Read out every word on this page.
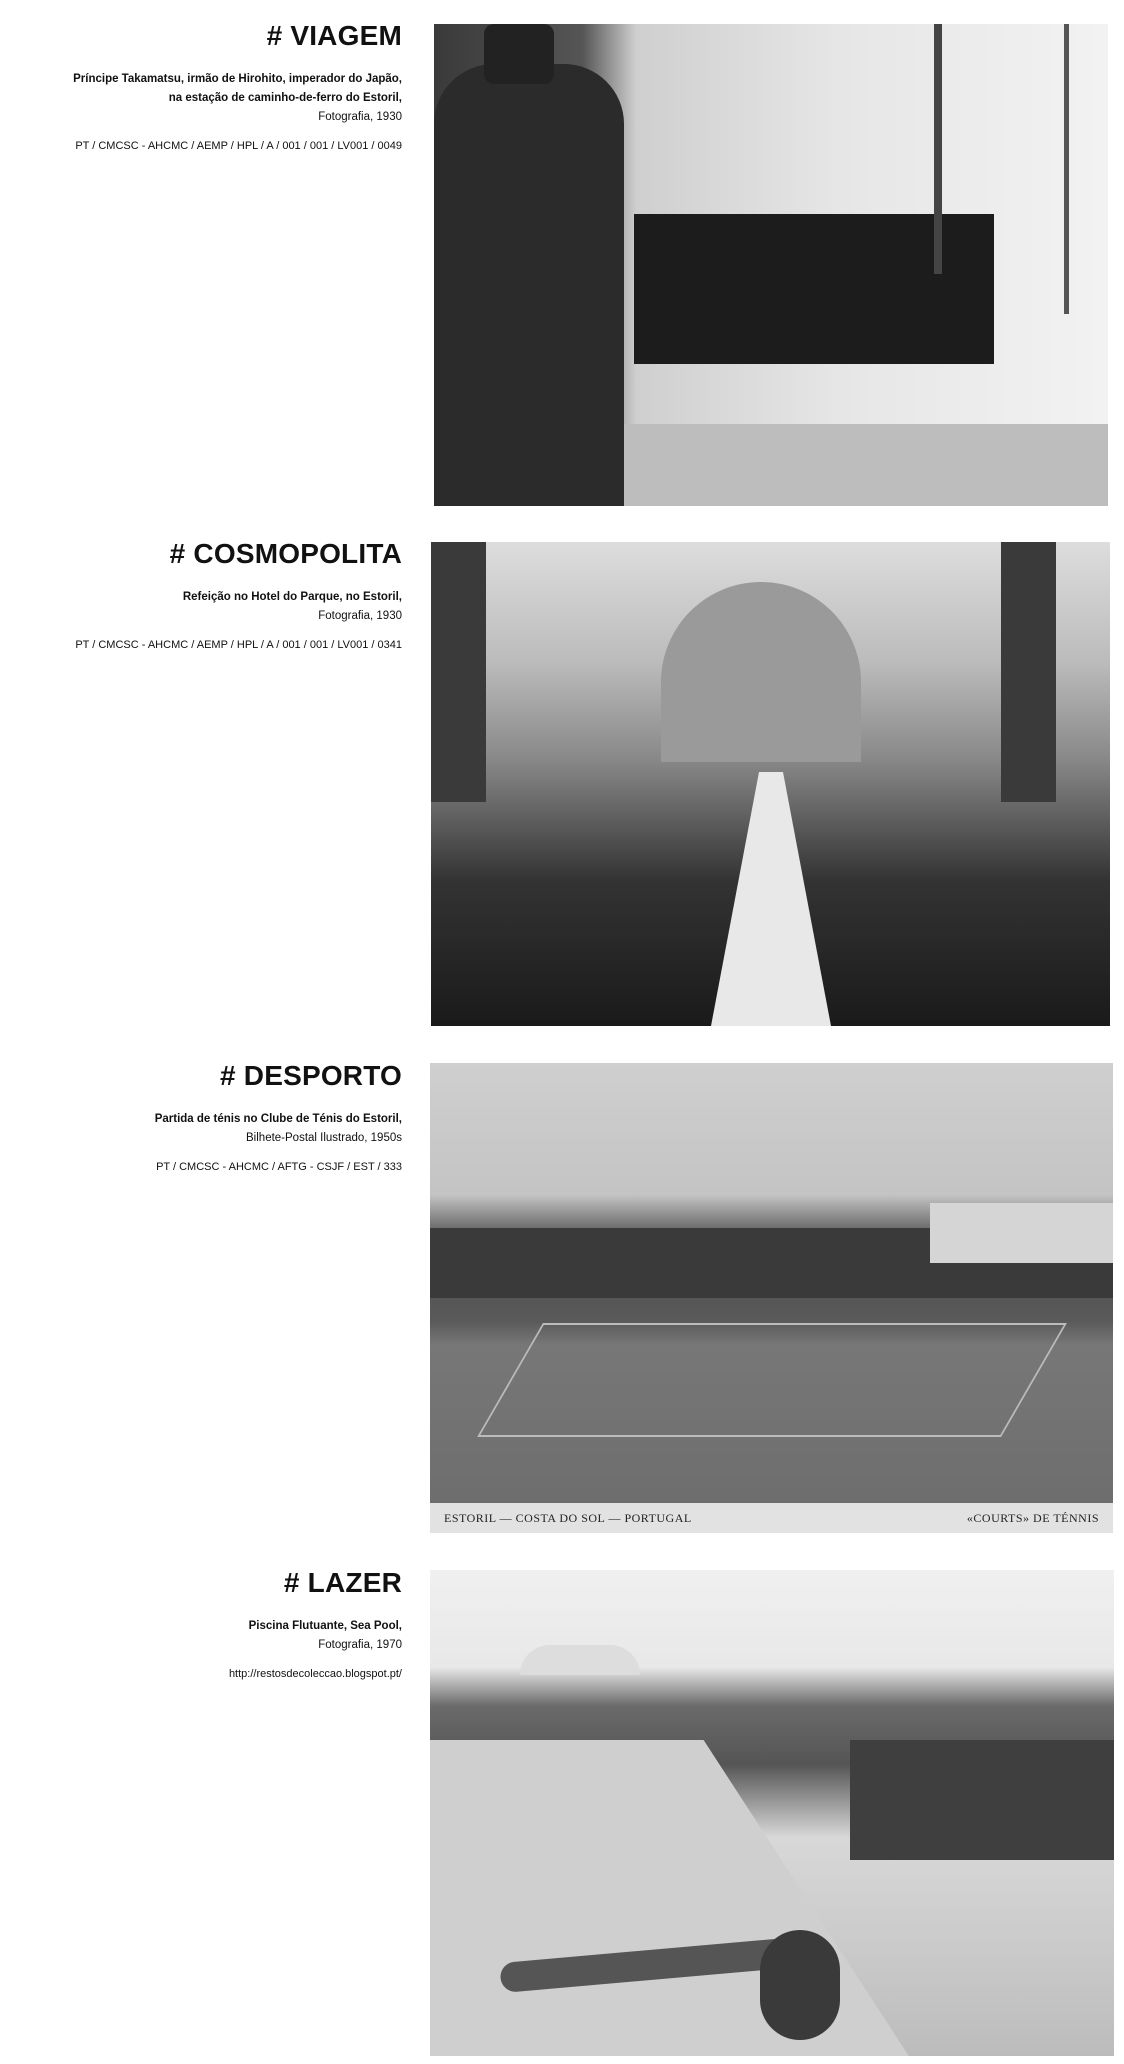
# VIAGEM
Príncipe Takamatsu, irmão de Hirohito, imperador do Japão, na estação de caminho-de-ferro do Estoril,
Fotografia, 1930
PT / CMCSC - AHCMC / AEMP / HPL / A / 001 / 001 / LV001 / 0049
# COSMOPOLITA
Refeição no Hotel do Parque, no Estoril,
Fotografia, 1930
PT / CMCSC - AHCMC / AEMP / HPL / A / 001 / 001 / LV001 / 0341
# DESPORTO
Partida de ténis no Clube de Ténis do Estoril,
Bilhete-Postal Ilustrado, 1950s
PT / CMCSC - AHCMC / AFTG - CSJF / EST / 333
ESTORIL — COSTA DO SOL — PORTUGAL	«COURTS» DE TÉNNIS
# LAZER
Piscina Flutuante, Sea Pool,
Fotografia, 1970
http://restosdecoleccao.blogspot.pt/
